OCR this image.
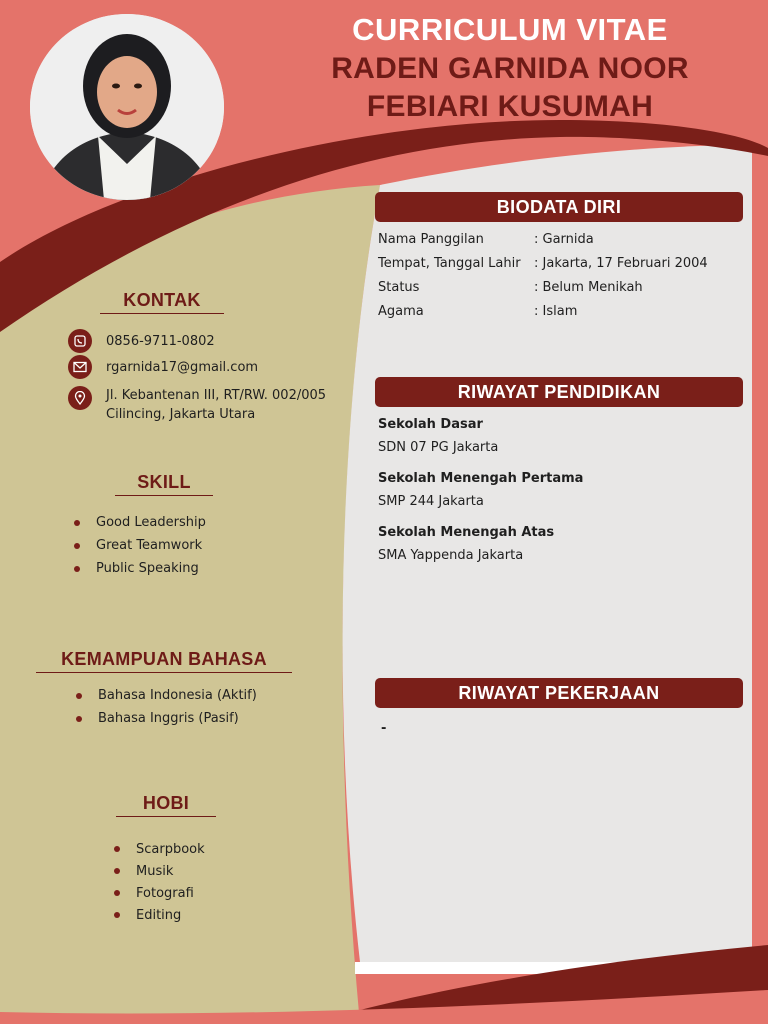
CURRICULUM VITAE
RADEN GARNIDA NOOR
FEBIARI KUSUMAH
KONTAK
0856-9711-0802
rgarnida17@gmail.com
Jl. Kebantenan III, RT/RW. 002/005
Cilincing, Jakarta Utara
SKILL
Good Leadership
Great Teamwork
Public Speaking
KEMAMPUAN BAHASA
Bahasa Indonesia (Aktif)
Bahasa Inggris (Pasif)
HOBI
Scarpbook
Musik
Fotografi
Editing
BIODATA DIRI
Nama Panggilan	: Garnida
Tempat, Tanggal Lahir	: Jakarta, 17 Februari 2004
Status	: Belum Menikah
Agama	: Islam
RIWAYAT PENDIDIKAN
Sekolah Dasar
SDN 07 PG Jakarta
Sekolah Menengah Pertama
SMP 244 Jakarta
Sekolah Menengah Atas
SMA Yappenda Jakarta
RIWAYAT PEKERJAAN
-
